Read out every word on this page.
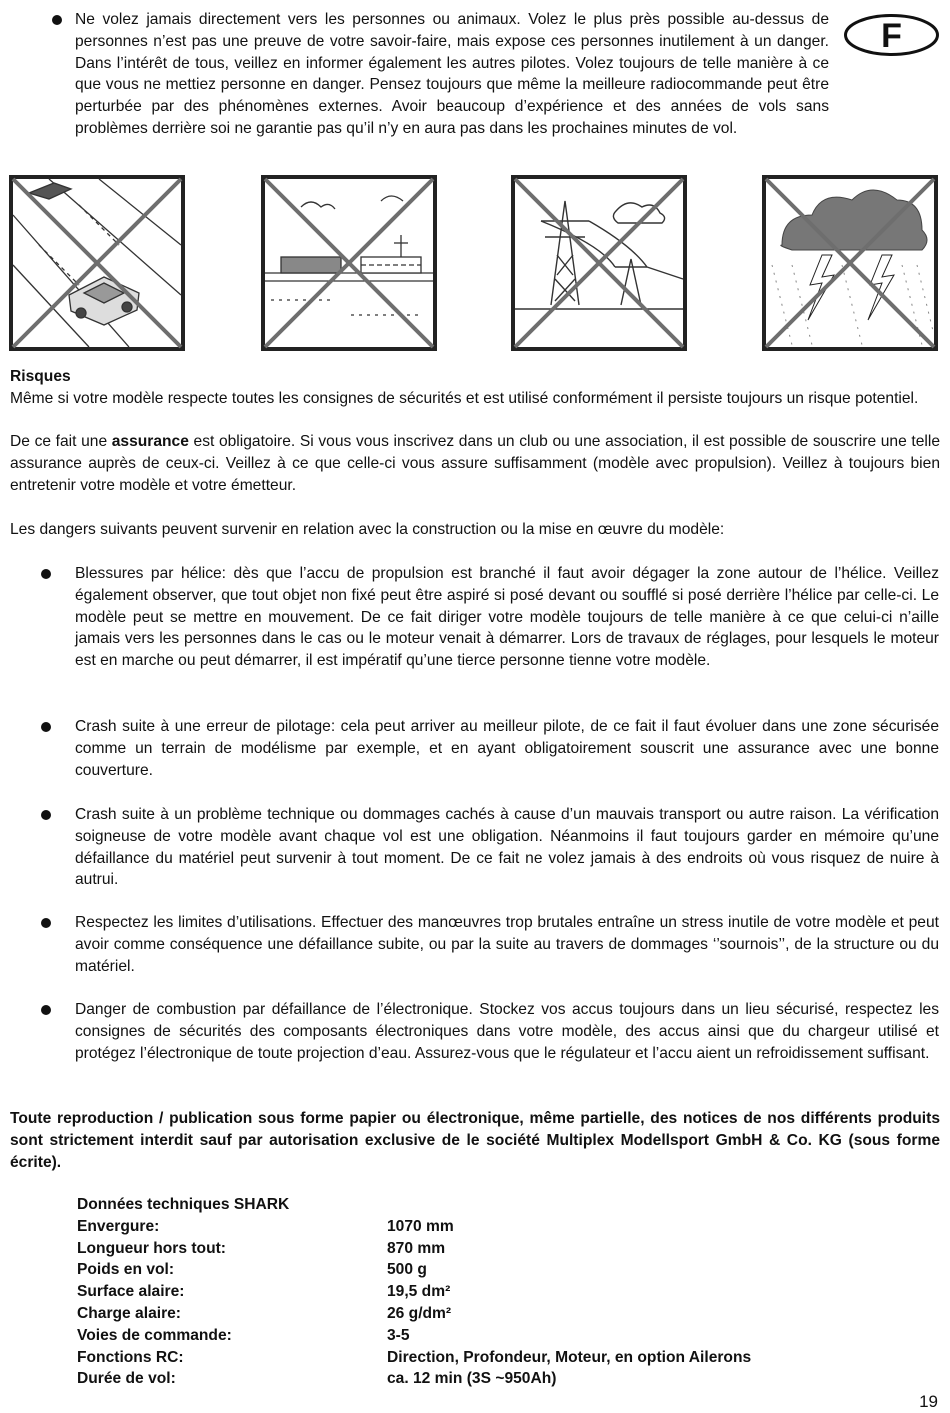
F
Ne volez jamais directement vers les personnes ou animaux. Volez le plus près possible au-dessus de personnes n’est pas une preuve de votre savoir-faire, mais expose ces personnes inutilement à un danger. Dans l’intérêt de tous, veillez en informer également les autres pilotes. Volez toujours de telle manière à ce que vous ne mettiez personne en danger. Pensez toujours que même la meilleure radiocommande peut être perturbée par des phénomènes externes. Avoir beaucoup d’expérience et des années de vols sans problèmes derrière soi ne garantie pas qu’il n’y en aura pas dans les prochaines minutes de vol.
Risques
Même si votre modèle respecte toutes les consignes de sécurités et est utilisé conformément il persiste toujours un risque potentiel.
De ce fait une assurance est obligatoire. Si vous vous inscrivez dans un club ou une association, il est possible de souscrire une telle assurance auprès de ceux-ci. Veillez à ce que celle-ci vous assure suffisamment (modèle avec propulsion). Veillez à toujours bien entretenir votre modèle et votre émetteur.
Les dangers suivants peuvent survenir en relation avec la construction ou la mise en œuvre du modèle:
Blessures par hélice: dès que l’accu de propulsion est branché il faut avoir dégager la zone autour de l’hélice. Veillez également observer, que tout objet non fixé peut être aspiré si posé devant ou soufflé si posé derrière l’hélice par celle-ci. Le modèle peut se mettre en mouvement. De ce fait diriger votre modèle toujours de telle manière à ce que celui-ci n’aille jamais vers les personnes dans le cas ou le moteur venait à démarrer. Lors de travaux de réglages, pour lesquels le moteur est en marche ou peut démarrer, il est impératif qu’une tierce personne tienne votre modèle.
Crash suite à une erreur de pilotage: cela peut arriver au meilleur pilote, de ce fait il faut évoluer dans une zone sécurisée comme un terrain de modélisme par exemple, et en ayant obligatoirement souscrit une assurance avec une bonne couverture.
Crash suite à un problème technique ou dommages cachés à cause d’un mauvais transport ou autre raison. La vérification soigneuse de votre modèle avant chaque vol est une obligation. Néanmoins il faut toujours garder en mémoire qu’une défaillance du matériel peut survenir à tout moment. De ce fait ne volez jamais à des endroits où vous risquez de nuire à autrui.
Respectez les limites d’utilisations. Effectuer des manœuvres trop brutales entraîne un stress inutile de votre modèle et peut avoir comme conséquence une défaillance subite, ou par la suite au travers de dommages ‘’sournois’’, de la structure ou du matériel.
Danger de combustion par défaillance de l’électronique. Stockez vos accus toujours dans un lieu sécurisé, respectez les consignes de sécurités des composants électroniques dans votre modèle, des accus ainsi que du chargeur utilisé et protégez l’électronique de toute projection d’eau. Assurez-vous que le régulateur et l’accu aient un refroidissement suffisant.
Toute reproduction / publication sous forme papier ou électronique, même partielle, des notices de nos différents produits sont strictement interdit sauf par autorisation exclusive de le société Multiplex Modellsport GmbH & Co. KG (sous forme écrite).
Données techniques SHARK
Envergure:	1070 mm
Longueur hors tout:	870 mm
Poids en vol:	500 g
Surface alaire:	19,5 dm²
Charge alaire:	26 g/dm²
Voies de commande:	3-5
Fonctions RC:	Direction, Profondeur, Moteur, en option Ailerons
Durée de vol:	ca. 12 min (3S ~950Ah)
19
